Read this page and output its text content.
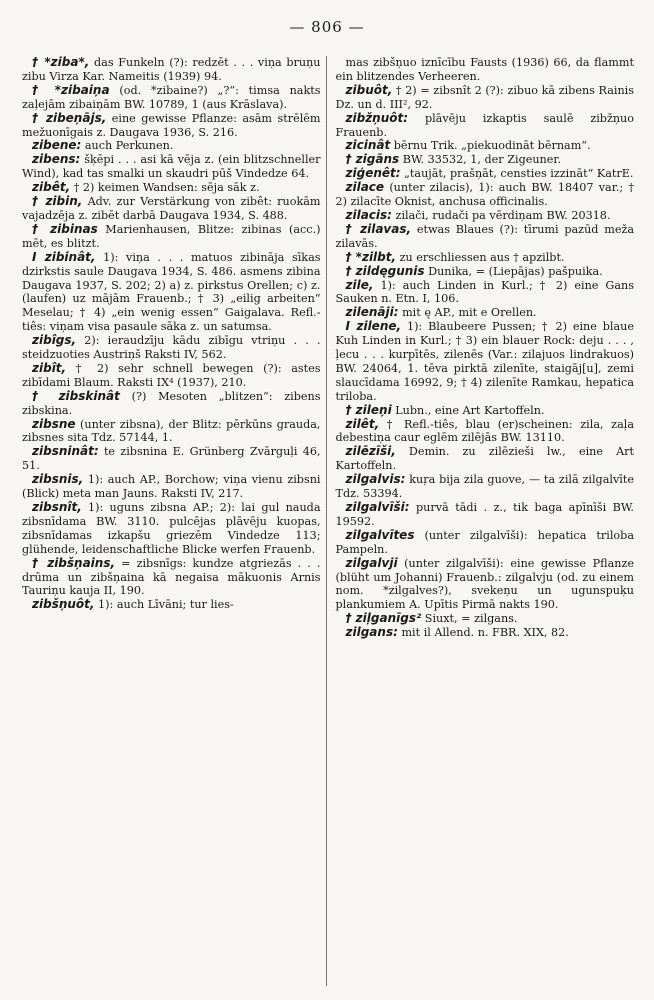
— 806 —

† *ziba*, das Funkeln (?): redzēt . . . viņa bruņu zibu Virza Kar. Nameitis (1939) 94.

† *zibaiņa (od. *zibaine?) „?“: timsa nakts zaļejām zibaiņām BW. 10789, 1 (aus Krāslava).

† zibeņājs, eine gewisse Pflanze: asām strēlēm mežuonīgais z. Daugava 1936, S. 216.

zibene: auch Perkunen.

zibens: šķēpi . . . asi kā vēja z. (ein blitzschneller Wind), kad tas smalki un skaudri pūš Vindedze 64.

zibêt, † 2) keimen Wandsen: sēja sāk z.

† zibin, Adv. zur Verstärkung von zibêt: ruokām vajadzēja z. zibēt darbā Daugava 1934, S. 488.

† zibinas Marienhausen, Blitze: zibinas (acc.) mēt, es blitzt.

I zibinât, 1): viņa . . . matuos zibināja sīkas dzirkstis saule Daugava 1934, S. 486. asmens zibina Daugava 1937, S. 202; 2) a) z. pirkstus Orellen; c) z. (laufen) uz mājām Frauenb.; † 3) „eilig arbeiten“ Meselau; † 4) „ein wenig essen“ Gaigalava. Refl.-tiês: viņam visa pasaule sāka z. un satumsa.

zibîgs, 2): ieraudzīju kādu zibīgu vtriņu . . . steidzuoties Austriņš Raksti IV, 562.

zibît, † 2) sehr schnell bewegen (?): astes zibīdami Blaum. Raksti IX⁴ (1937), 210.

† zibskinât (?) Mesoten „blitzen“: zibens zibskina.

zibsne (unter zibsna), der Blitz: pērkūns grauda, zibsnes sita Tdz. 57144, 1.

zibsninât: te zibsnina E. Grünberg Zvārguļi 46, 51.

zibsnis, 1): auch AP., Borchow; viņa vienu zibsni (Blick) meta man Jauns. Raksti IV, 217.

zibsnît, 1): uguns zibsna AP.; 2): lai gul nauda zibsnīdama BW. 3110. pulcējas plāvēju kuopas, zibsnīdamas izkapšu griezēm Vindedze 113; glühende, leidenschaftliche Blicke werfen Frauenb.

† zibšņains, = zibsnīgs: kundze atgriezās . . . drūma un zibšņaina kā negaisa mākuonis Arnis Tauriņu kauja II, 190.

zibšņuôt, 1): auch Līvāni; tur lies-

mas zibšņuo iznīcību Fausts (1936) 66, da flammt ein blitzendes Verheeren.

zibuôt, † 2) = zibsnît 2 (?): zibuo kā zibens Rainis Dz. un d. III², 92.

zibžņuôt: plāvēju izkaptis saulē zibžņuo Frauenb.

zicinât bērnu Trik. „piekuodināt bērnam“.

† zigāns BW. 33532, 1, der Zigeuner.

ziģenêt: „taujāt, prašņāt, censties izzināt“ KatrE.

zilace (unter zilacis), 1): auch BW. 18407 var.; † 2) zilacīte Oknist, anchusa officinalis.

zilacis: zilači, rudači pa vērdiņam BW. 20318.

† zilavas, etwas Blaues (?): tīrumi pazūd meža zilavās.

† *zilbt, zu erschliessen aus † apzilbt.

† zildęgunis Dunika, = (Liepājas) pašpuika.

zile, 1): auch Linden in Kurl.; † 2) eine Gans Sauken n. Etn. I, 106.

zilenāji: mit ę AP., mit e Orellen.

I zilene, 1): Blaubeere Pussen; † 2) eine blaue Kuh Linden in Kurl.; † 3) ein blauer Rock: deju . . . , ļecu . . . kurpītēs, zilenēs (Var.: zilajuos lindrakuos) BW. 24064, 1. tēva pirktā zilenīte, staigāj[u], zemi slaucīdama 16992, 9; † 4) zilenīte Ramkau, hepatica triloba.

† zileņi Lubn., eine Art Kartoffeln.

zilêt, † Refl.-tiês, blau (er)scheinen: zila, zaļa debestiņa caur eglēm zilējās BW. 13110.

zilēzīši, Demin. zu zilēzieši lw., eine Art Kartoffeln.

zilgalvis: kuŗa bija zila guove, — ta zilā zilgalvīte Tdz. 53394.

zilgalvīši: purvā tādi . z., tik baga apīnīši BW. 19592.

zilgalvītes (unter zilgalvīši): hepatica triloba Pampeln.

zilgalvji (unter zilgalvīši): eine gewisse Pflanze (blüht um Johanni) Frauenb.: zilgalvju (od. zu einem nom. *zilgalves?), svekeņu un ugunspuķu plankumiem A. Upītis Pirmā nakts 190.

† ziļganīgs² Siuxt, = zilgans.

zilgans: mit il Allend. n. FBR. XIX, 82.
